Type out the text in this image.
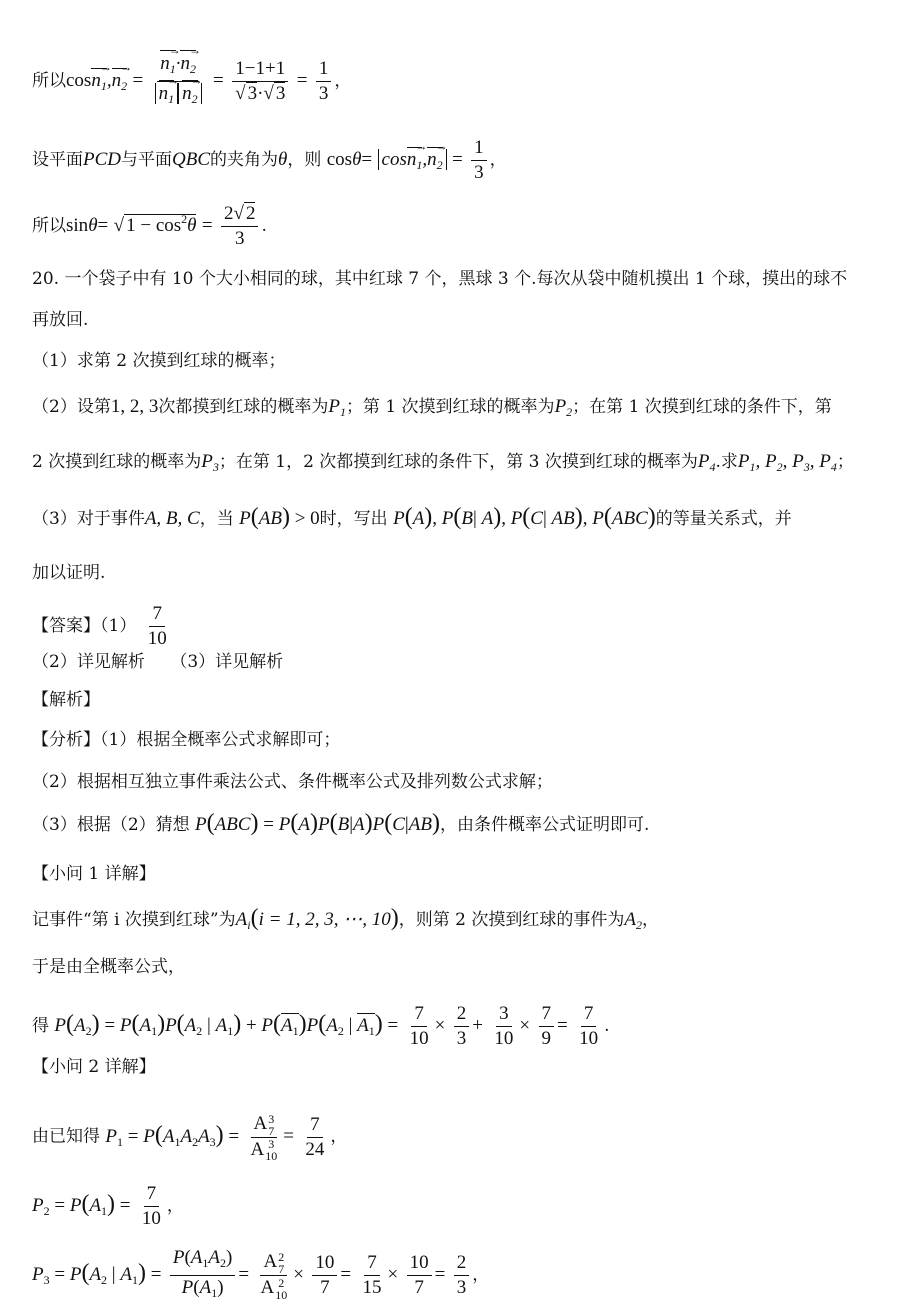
所以$\cos n_1 \to,n_2$ → = $\frac{n_1 \to\cdot n_2 \to}{n_1 \to n_2}$ → = $\frac{1-1+1}{√ 3\cdot√ 3} = \frac{1}{3}$ ，
设平面PCD与平面QBC的夹角为θ，则 $\cos\theta= \cos n_1 \to,n_2$ → = $\frac{1}{3}$ ，
所以sinθ= √ $1 - \cos^2\theta = \frac{2√ 2}{3}$ .
20. 一个袋子中有 10 个大小相同的球，其中红球 7 个，黑球 3 个.每次从袋中随机摸出 1 个球，摸出的球不
再放回.
（1）求第 2 次摸到红球的概率；
（2）设第1, 2, 3次都摸到红球的概率为$P_1$；第 1 次摸到红球的概率为$P_2$；在第 1 次摸到红球的条件下，第
2 次摸到红球的概率为$P_3$；在第 1，2 次都摸到红球的条件下，第 3 次摸到红球的概率为$P_4$.求$P_1$, $P_2$, $P_3$, $P_4$；
（3）对于事件A, B, C，当 P(AB) > 0时，写出 P(A), P(B| A), P(C| AB), P(ABC)的等量关系式，并
加以证明.
【答案】$(1) \frac{7}{10}$
（2）详见解析　　（3）详见解析
【解析】
【分析】（1）根据全概率公式求解即可；
（2）根据相互独立事件乘法公式、条件概率公式及排列数公式求解；
（3）根据（2）猜想 P(ABC) = P(A)P(B|A)P(C|AB)，由条件概率公式证明即可.
【小问 1 详解】
记事件“第 i 次摸到红球”为$A_i(i = 1$, 2, 3, ⋯, 10)，则第 2 次摸到红球的事件为$A_2$，
于是由全概率公式，
得 $P(A_2) = P(A_1)P(A_2$ | $A_1) + P(A_1)P(A_2$ | $A_1) = \frac{7}{10} \times \frac{2}{3} + \frac{3}{10} \times \frac{7}{9} = \frac{7}{10}$ .
【小问 2 详解】
由已知得 $P_1 = P(A_1A_2A_3) = A$ 3
7
A 3
$10 = \frac{7}{24}$ ，
$P_2 = P(A_1) = \frac{7}{10}$ ，
$P_3 = P(A_2$ | $A_1) = \frac{P(A_1A_2)}{P(A_1)} = A$ 2
7
A 2
$10 \times \frac{10}{7} = \frac{7}{15} \times \frac{10}{7} = \frac{2}{3}$ ，
